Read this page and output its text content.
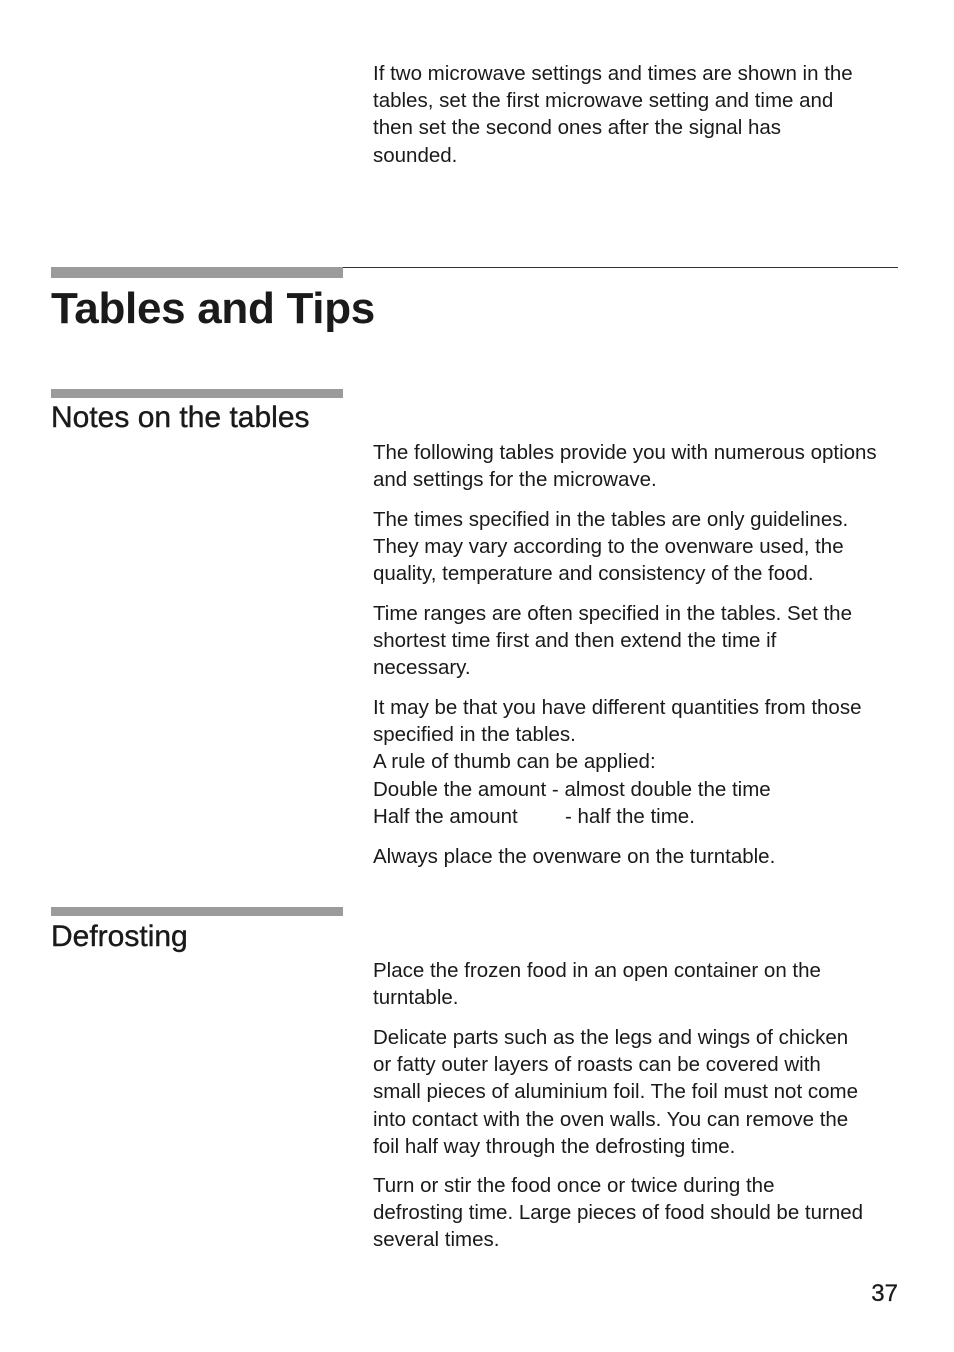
If two microwave settings and times are shown in the
tables, set the first microwave setting and time and
then set the second ones after the signal has
sounded.

Tables and Tips
Notes on the tables

The following tables provide you with numerous options
and settings for the microwave.

The times specified in the tables are only guidelines.
They may vary according to the ovenware used, the
quality, temperature and consistency of the food.

Time ranges are often specified in the tables. Set the
shortest time first and then extend the time if
necessary.

It may be that you have different quantities from those
specified in the tables.
A rule of thumb can be applied:
Double the amount - almost double the time
Half the amount - half the time.

Always place the ovenware on the turntable.

Defrosting

Place the frozen food in an open container on the
turntable.

Delicate parts such as the legs and wings of chicken
or fatty outer layers of roasts can be covered with
small pieces of aluminium foil. The foil must not come
into contact with the oven walls. You can remove the
foil half way through the defrosting time.

Turn or stir the food once or twice during the
defrosting time. Large pieces of food should be turned
several times.

37
